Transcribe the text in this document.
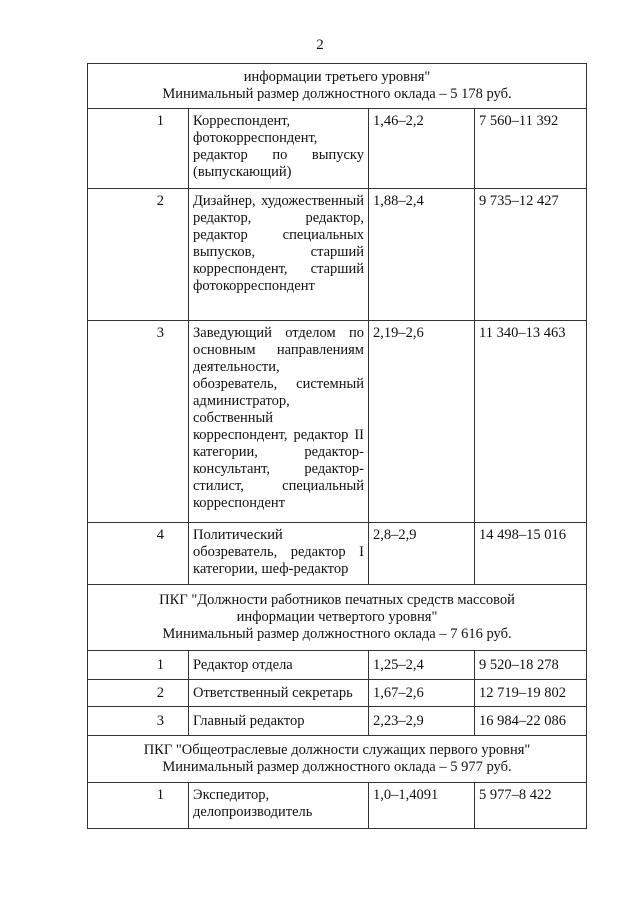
2
информации третьего уровня"
Минимальный размер должностного оклада – 5 178 руб.			

1	Корреспондент, фотокорреспондент, редактор по выпуску (выпускающий)	1,46–2,2	7 560–11 392
2	Дизайнер, художественный редактор, редактор, редактор специальных выпусков, старший корреспондент, старший фотокорреспондент	1,88–2,4	9 735–12 427
3	Заведующий отделом по основным направлениям деятельности, обозреватель, системный администратор, собственный корреспондент, редактор II категории, редактор-консультант, редактор-стилист, специальный корреспондент	2,19–2,6	11 340–13 463
4	Политический обозреватель, редактор I категории, шеф-редактор	2,8–2,9	14 498–15 016

ПКГ "Должности работников печатных средств массовой
информации четвертого уровня"
Минимальный размер должностного оклада – 7 616 руб.			

1	Редактор отдела	1,25–2,4	9 520–18 278
2	Ответственный секретарь	1,67–2,6	12 719–19 802
3	Главный редактор	2,23–2,9	16 984–22 086

ПКГ "Общеотраслевые должности служащих первого уровня"
Минимальный размер должностного оклада – 5 977 руб.			

1	Экспедитор, делопроизводитель	1,0–1,4091	5 977–8 422
